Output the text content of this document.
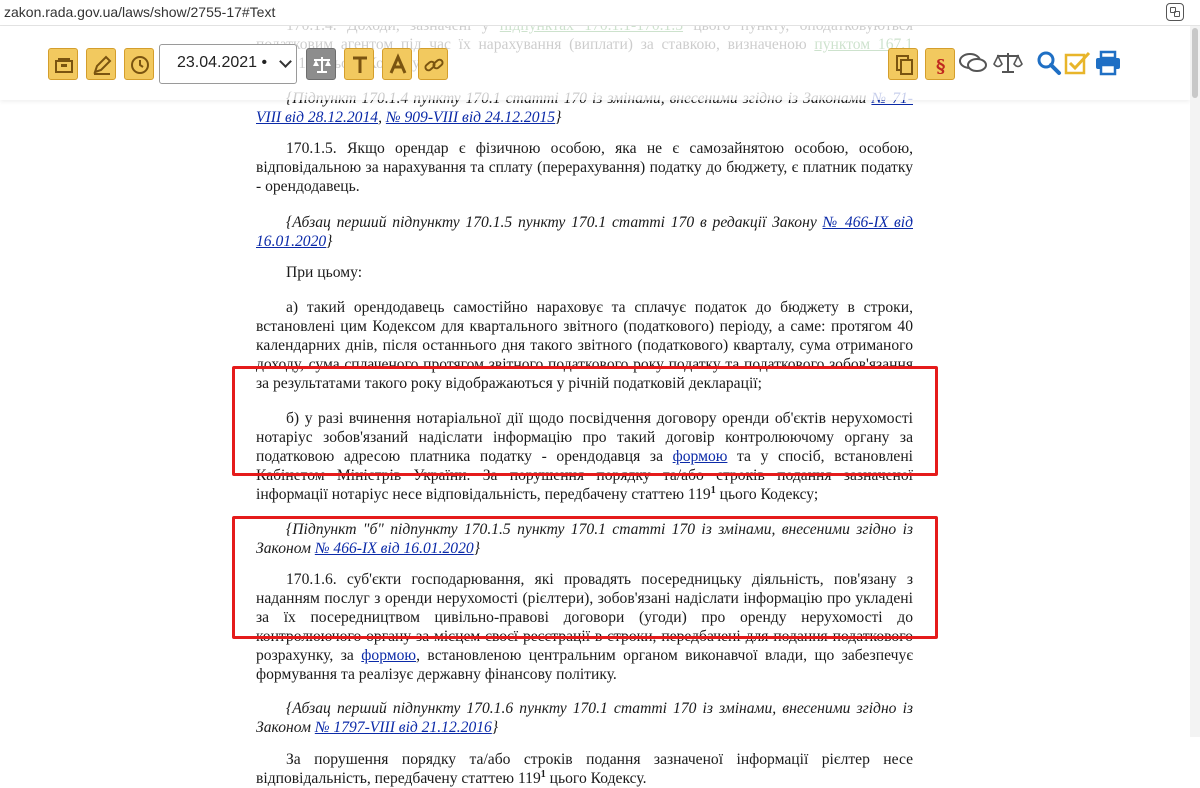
VIII від 28.12.2014, № 909-VIII від 24.12.2015}

170.1.5. Якщо орендар є фізичною особою, яка не є самозайнятою особою, особою, відповідальною за нарахування та сплату (перерахування) податку до бюджету, є платник податку - орендодавець.

{Абзац перший підпункту 170.1.5 пункту 170.1 статті 170 в редакції Закону № 466-IX від 16.01.2020}

При цьому:

а) такий орендодавець самостійно нараховує та сплачує податок до бюджету в строки, встановлені цим Кодексом для квартального звітного (податкового) періоду, а саме: протягом 40 календарних днів, після останнього дня такого звітного (податкового) кварталу, сума отриманого доходу, сума сплаченого протягом звітного податкового року податку та податкового зобов'язання за результатами такого року відображаються у річній податковій декларації;

б) у разі вчинення нотаріальної дії щодо посвідчення договору оренди об'єктів нерухомості нотаріус зобов'язаний надіслати інформацію про такий договір контролюючому органу за податковою адресою платника податку - орендодавця за формою та у спосіб, встановлені Кабінетом Міністрів України. За порушення порядку та/або строків подання зазначеної інформації нотаріус несе відповідальність, передбачену статтею $119^1$ цього Кодексу;

{Підпункт "б" підпункту 170.1.5 пункту 170.1 статті 170 із змінами, внесеними згідно із Законом № 466-IX від 16.01.2020}

170.1.6. суб'єкти господарювання, які провадять посередницьку діяльність, пов'язану з наданням послуг з оренди нерухомості (рієлтери), зобов'язані надіслати інформацію про укладені за їх посередництвом цивільно-правові договори (угоди) про оренду нерухомості до контролюючого органу за місцем своєї реєстрації в строки, передбачені для подання податкового розрахунку, за формою, встановленою центральним органом виконавчої влади, що забезпечує формування та реалізує державну фінансову політику.

{Абзац перший підпункту 170.1.6 пункту 170.1 статті 170 із змінами, внесеними згідно із Законом № 1797-VIII від 21.12.2016}

За порушення порядку та/або строків подання зазначеної інформації рієлтер несе відповідальність, передбачену статтею $119^1$ цього Кодексу.

zakon.rada.gov.ua/laws/show/2755-17#Text
23.04.2021 •	§
